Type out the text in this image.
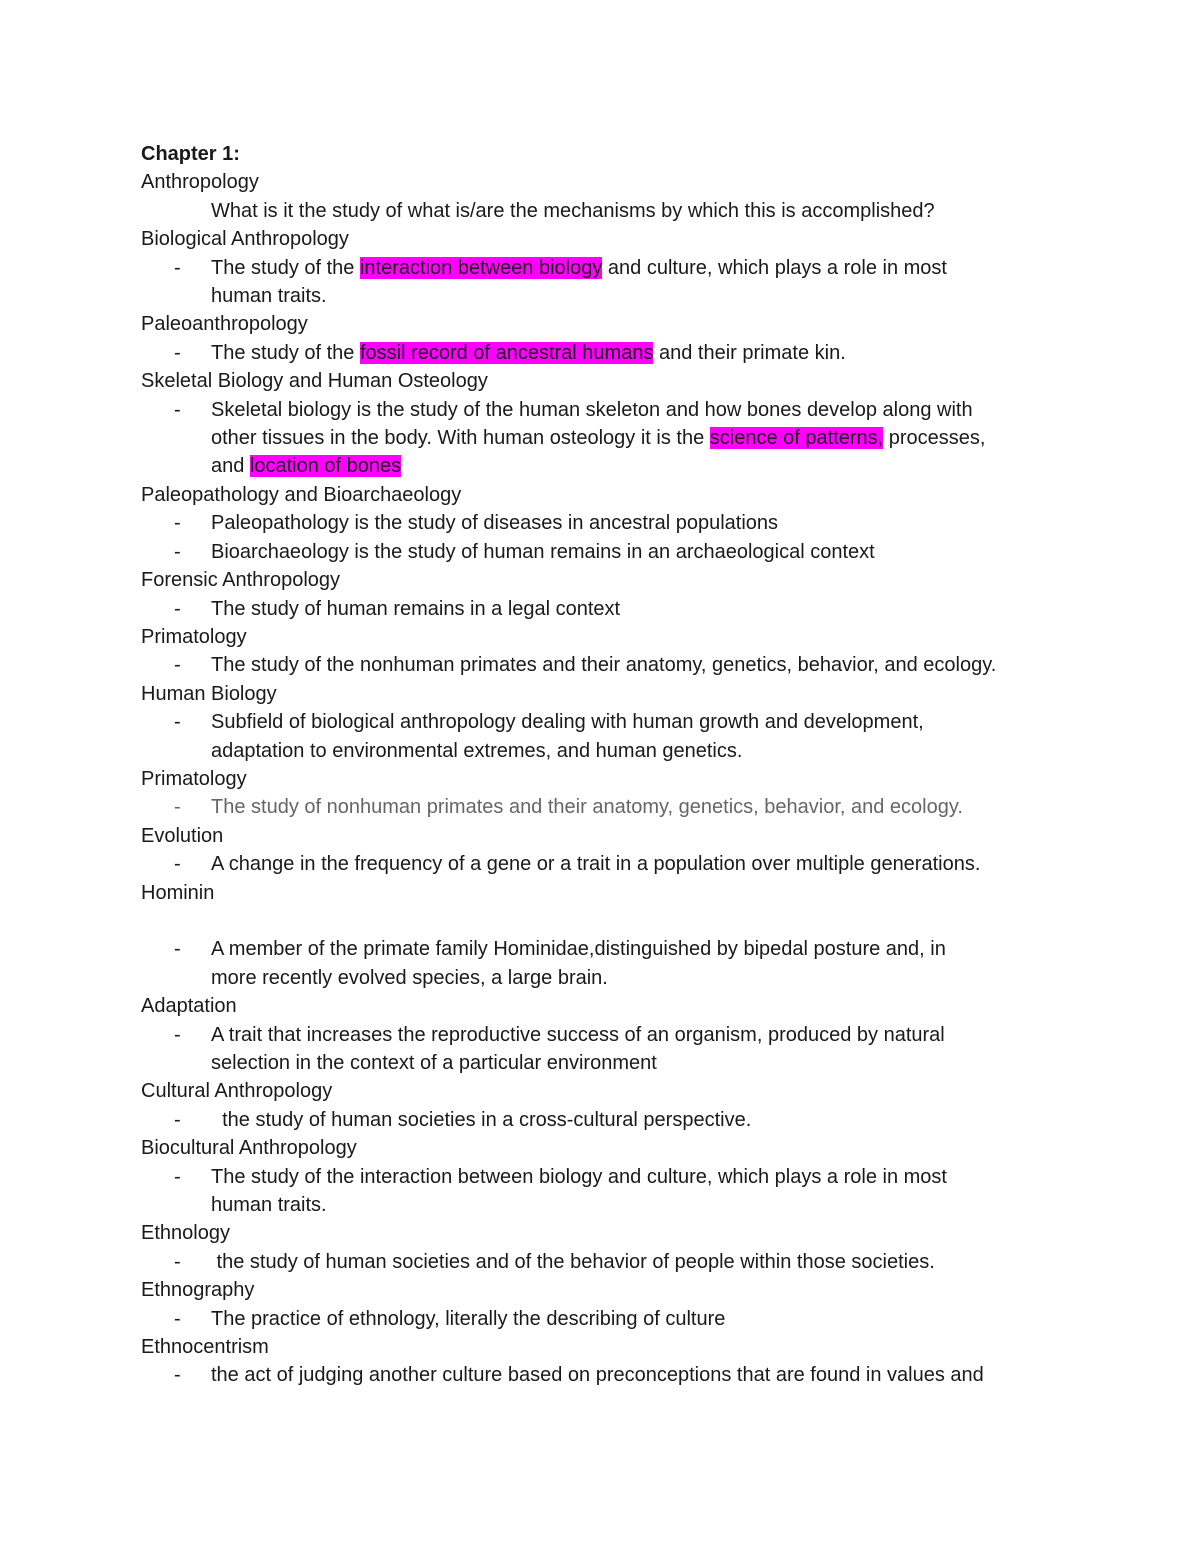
Chapter 1:
Anthropology
What is it the study of what is/are the mechanisms by which this is accomplished?
Biological Anthropology
- The study of the interaction between biology and culture, which plays a role in most
human traits.
Paleoanthropology
- The study of the fossil record of ancestral humans and their primate kin.
Skeletal Biology and Human Osteology
- Skeletal biology is the study of the human skeleton and how bones develop along with
other tissues in the body. With human osteology it is the science of patterns, processes,
and location of bones
Paleopathology and Bioarchaeology
- Paleopathology is the study of diseases in ancestral populations
- Bioarchaeology is the study of human remains in an archaeological context
Forensic Anthropology
- The study of human remains in a legal context
Primatology
- The study of the nonhuman primates and their anatomy, genetics, behavior, and ecology.
Human Biology
- Subfield of biological anthropology dealing with human growth and development,
adaptation to environmental extremes, and human genetics.
Primatology
- The study of nonhuman primates and their anatomy, genetics, behavior, and ecology.
Evolution
- A change in the frequency of a gene or a trait in a population over multiple generations.
Hominin
- A member of the primate family Hominidae,distinguished by bipedal posture and, in
more recently evolved species, a large brain.
Adaptation
- A trait that increases the reproductive success of an organism, produced by natural
selection in the context of a particular environment
Cultural Anthropology
- the study of human societies in a cross-cultural perspective.
Biocultural Anthropology
- The study of the interaction between biology and culture, which plays a role in most
human traits.
Ethnology
- the study of human societies and of the behavior of people within those societies.
Ethnography
- The practice of ethnology, literally the describing of culture
Ethnocentrism
- the act of judging another culture based on preconceptions that are found in values and
